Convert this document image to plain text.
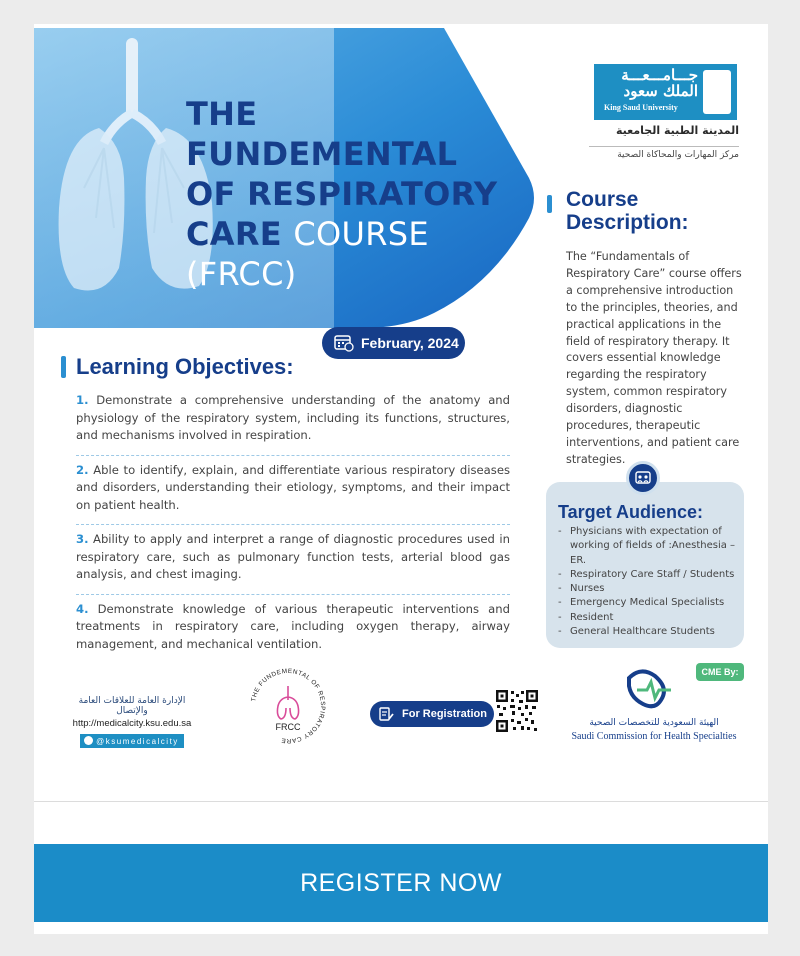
THE
FUNDEMENTAL
OF RESPIRATORY
CARE COURSE
(FRCC)
February, 2024
جـــامـــعـــة الملك سعود
King Saud University
المدينة الطبية الجامعية
مركز المهارات والمحاكاة الصحية
Learning Objectives:
1. Demonstrate a comprehensive understanding of the anatomy and physiology of the respiratory system, including its functions, structures, and mechanisms involved in respiration.
2. Able to identify, explain, and differentiate various respiratory diseases and disorders, understanding their etiology, symptoms, and their impact on patient health.
3. Ability to apply and interpret a range of diagnostic procedures used in respiratory care, such as pulmonary function tests, arterial blood gas analysis, and chest imaging.
4. Demonstrate knowledge of various therapeutic interventions and treatments in respiratory care, including oxygen therapy, airway management, and mechanical ventilation.
Course
Description:
The “Fundamentals of Respiratory Care” course offers a comprehensive introduction to the principles, theories, and practical applications in the field of respiratory therapy. It covers essential knowledge regarding the respiratory system, common respiratory disorders, diagnostic procedures, therapeutic interventions, and patient care strategies.
Target Audience:
- Physicians with expectation of working of fields of :Anesthesia – ER.
- Respiratory Care Staff / Students
- Nurses
- Emergency Medical Specialists
- Resident
- General Healthcare Students
الإدارة العامة للعلاقات العامة والإتصال
http://medicalcity.ksu.edu.sa
@ksumedicalcity
THE FUNDEMENTAL OF RESPIRATORY CARE
FRCC
For Registration
CME By:
الهيئة السعودية للتخصصات الصحية
Saudi Commission for Health Specialties
REGISTER NOW
